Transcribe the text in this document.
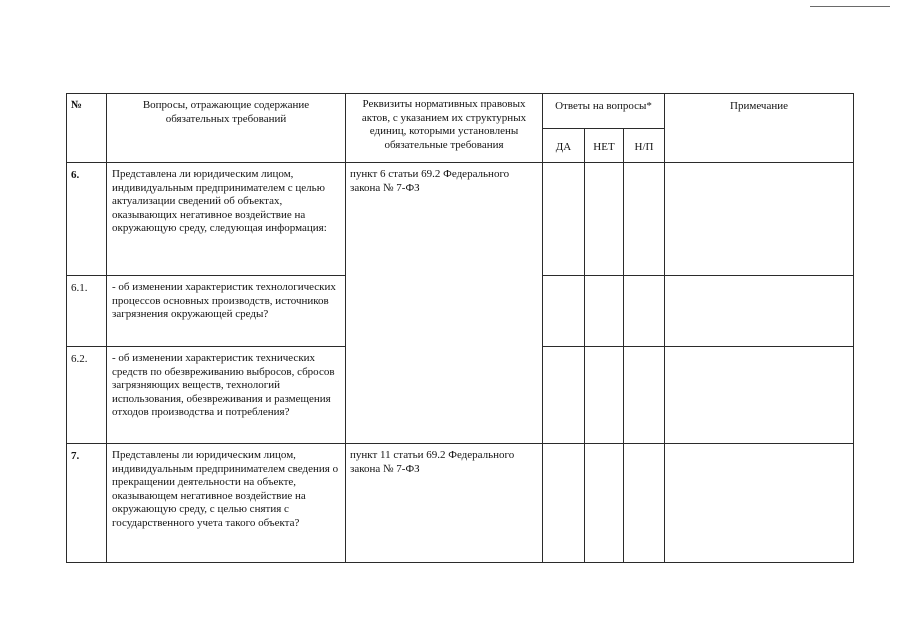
№	Вопросы, отражающие содержание обязательных требований	Реквизиты нормативных правовых актов, с указанием их структурных единиц, которыми установлены обязательные требования	Ответы на вопросы*			Примечание
			ДА	НЕТ	Н/П	
6.	Представлена ли юридическим лицом, индивидуальным предпринимателем с целью актуализации сведений об объектах, оказывающих негативное воздействие на окружающую среду, следующая информация:	пункт 6 статьи 69.2 Федерального закона № 7-ФЗ				
6.1.	- об изменении характеристик технологических процессов основных производств, источников загрязнения окружающей среды?					
6.2.	- об изменении характеристик технических средств по обезвреживанию выбросов, сбросов загрязняющих веществ, технологий использования, обезвреживания и размещения отходов производства и потребления?					
7.	Представлены ли юридическим лицом, индивидуальным предпринимателем сведения о прекращении деятельности на объекте, оказывающем негативное воздействие на окружающую среду, с целью снятия с государственного учета такого объекта?	пункт 11 статьи 69.2 Федерального закона № 7-ФЗ				
